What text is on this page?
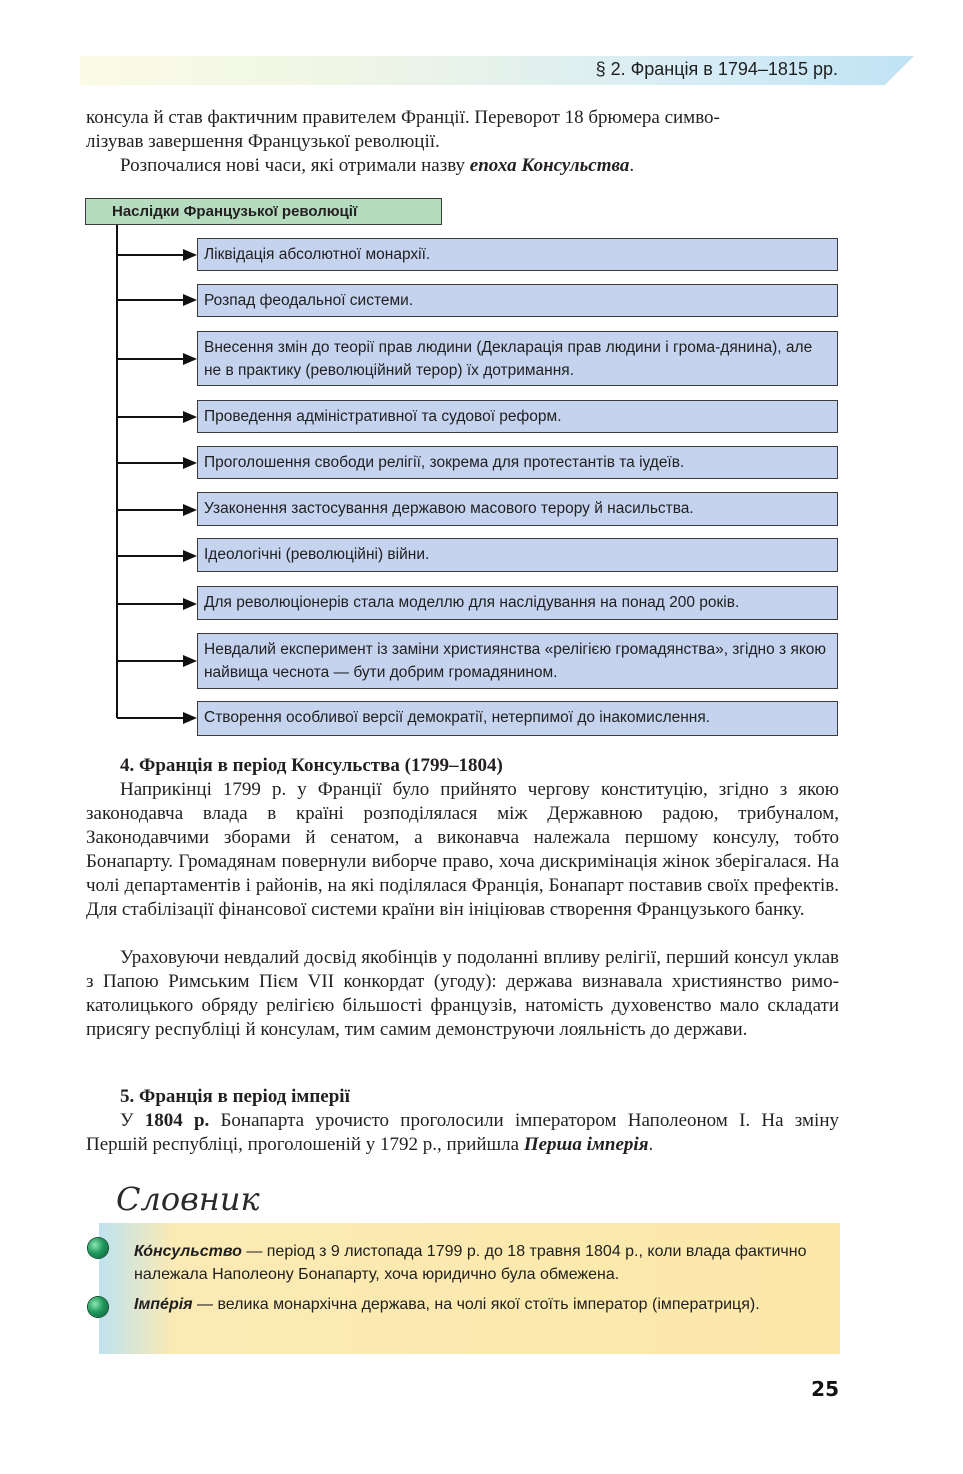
§ 2. Франція в 1794–1815 рр.

консула й став фактичним правителем Франції. Переворот 18 брюмера симво-
лізував завершення Французької революції.
Розпочалися нові часи, які отримали назву епоха Консульства.

Наслідки Французької революції
Ліквідація абсолютної монархії.
Розпад феодальної системи.
Внесення змін до теорії прав людини (Декларація прав людини і грома-дянина), але не в практику (революційний терор) їх дотримання.
Проведення адміністративної та судової реформ.
Проголошення свободи релігії, зокрема для протестантів та іудеїв.
Узаконення застосування державою масового терору й насильства.
Ідеологічні (революційні) війни.
Для революціонерів стала моделлю для наслідування на понад 200 років.
Невдалий експеримент із заміни християнства «релігією громадянства», згідно з якою найвища чеснота — бути добрим громадянином.
Створення особливої версії демократії, нетерпимої до інакомислення.
4. Франція в період Консульства (1799–1804)

Наприкінці 1799 р. у Франції було прийнято чергову конституцію, згідно з якою законодавча влада в країні розподілялася між Державною радою, трибуналом, Законодавчими зборами й сенатом, а виконавча належала першому консулу, тобто Бонапарту. Громадянам повернули виборче право, хоча дискримінація жінок зберігалася. На чолі департаментів і районів, на які поділялася Франція, Бонапарт поставив своїх префектів. Для стабілізації фінансової системи країни він ініціював створення Французького банку.

Ураховуючи невдалий досвід якобінців у подоланні впливу релігії, перший консул уклав з Папою Римським Пієм VII конкордат (угоду): держава визнавала християнство римо-католицького обряду релігією більшості французів, натомість духовенство мало складати присягу республіці й консулам, тим самим демонструючи лояльність до держави.

5. Франція в період імперії

У 1804 р. Бонапарта урочисто проголосили імператором Наполеоном І. На зміну Першій республіці, проголошеній у 1792 р., прийшла Перша імперія.

Словник
Ко́нсульство — період з 9 листопада 1799 р. до 18 травня 1804 р., коли влада фактично належала Наполеону Бонапарту, хоча юридично була обмежена.
Імпе́рія — велика монархічна держава, на чолі якої стоїть імператор (імператриця).
25
